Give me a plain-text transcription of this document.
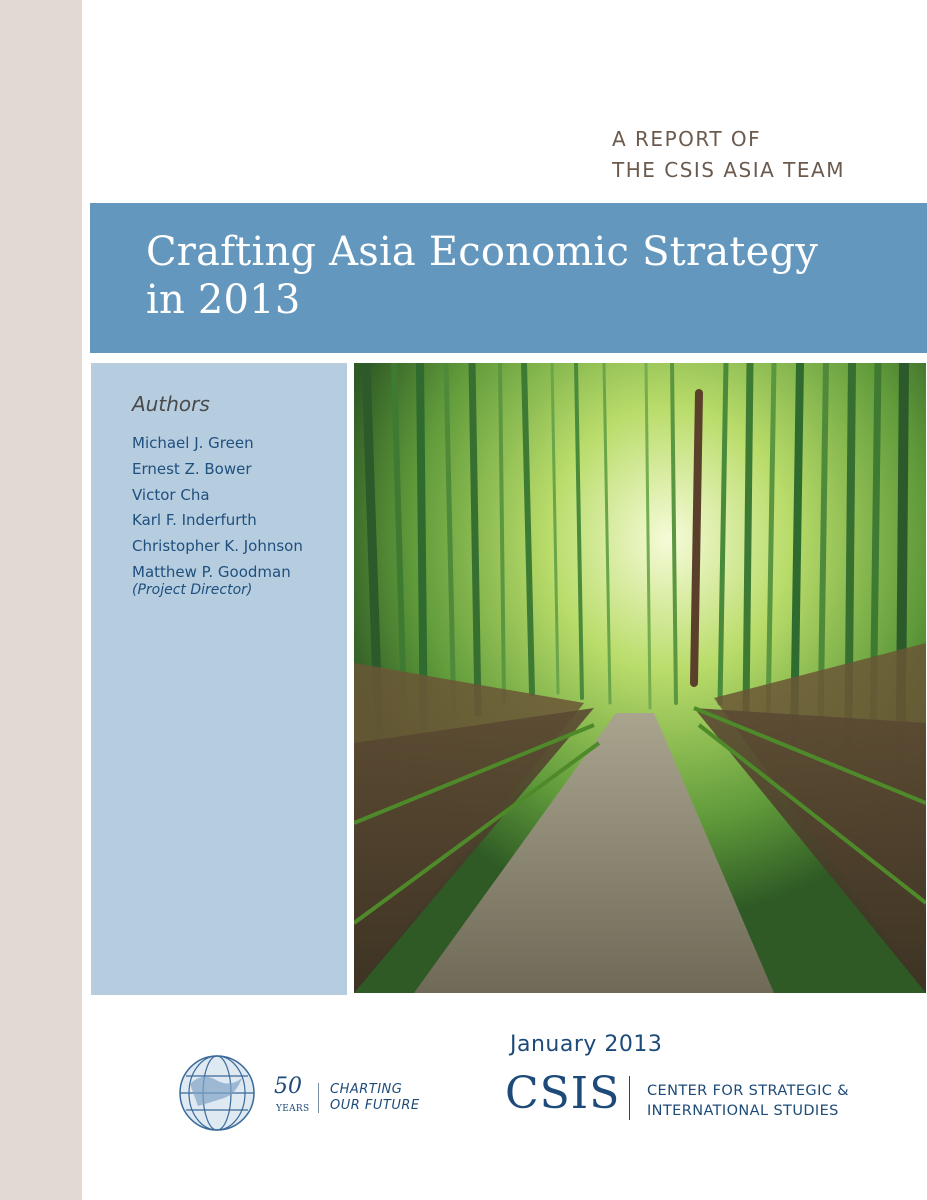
A REPORT OF
THE CSIS ASIA TEAM
Crafting Asia Economic Strategy
in 2013
Authors
Michael J. Green
Ernest Z. Bower
Victor Cha
Karl F. Inderfurth
Christopher K. Johnson
Matthew P. Goodman
(Project Director)
January 2013
CSIS CENTER FOR STRATEGIC &
INTERNATIONAL STUDIES
50
YEARS
CHARTING
OUR FUTURE
